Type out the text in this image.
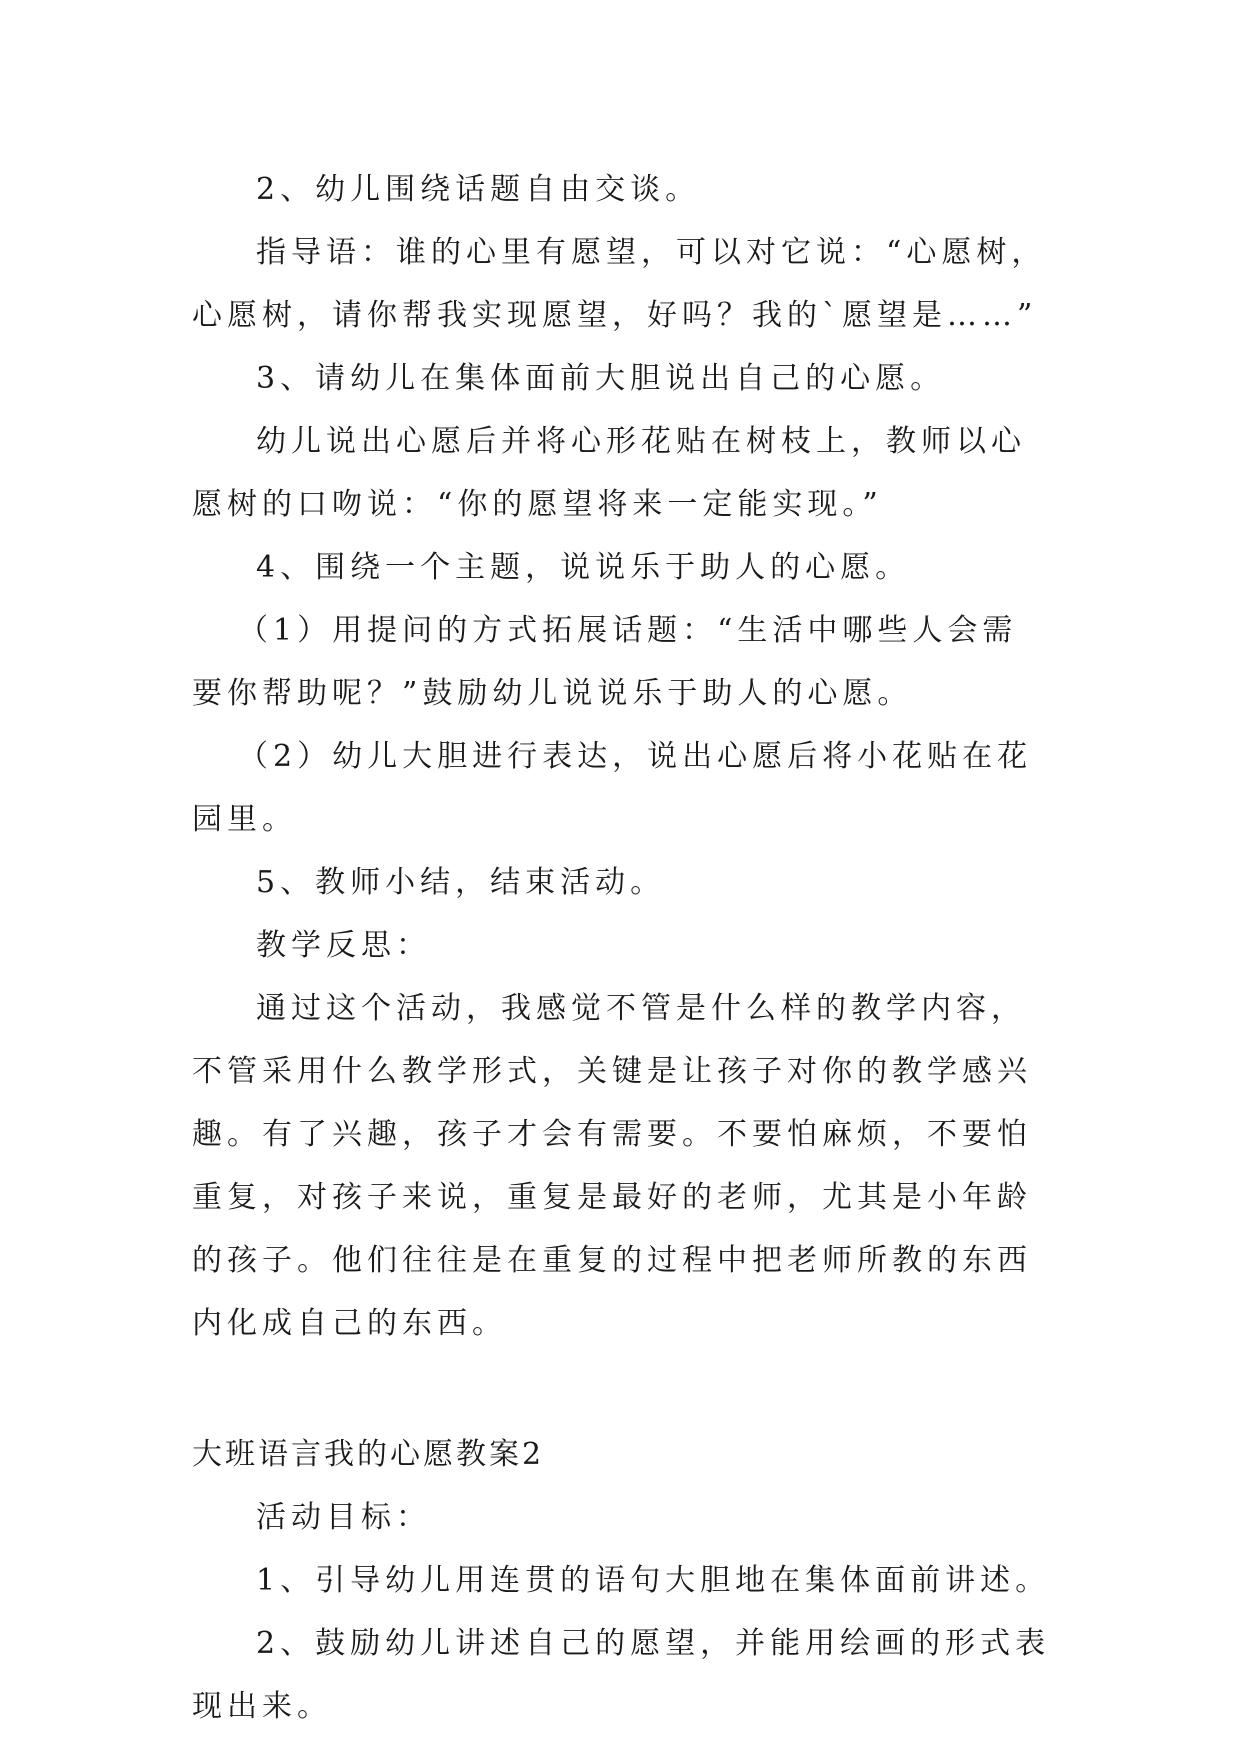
2、幼儿围绕话题自由交谈。

指导语：谁的心里有愿望，可以对它说：“心愿树，心愿树，请你帮我实现愿望，好吗？我的`愿望是……”

3、请幼儿在集体面前大胆说出自己的心愿。

幼儿说出心愿后并将心形花贴在树枝上，教师以心愿树的口吻说：“你的愿望将来一定能实现。”

4、围绕一个主题，说说乐于助人的心愿。

（1）用提问的方式拓展话题：“生活中哪些人会需要你帮助呢？”鼓励幼儿说说乐于助人的心愿。

（2）幼儿大胆进行表达，说出心愿后将小花贴在花园里。

5、教师小结，结束活动。

教学反思：

通过这个活动，我感觉不管是什么样的教学内容，不管采用什么教学形式，关键是让孩子对你的教学感兴趣。有了兴趣，孩子才会有需要。不要怕麻烦，不要怕重复，对孩子来说，重复是最好的老师，尤其是小年龄的孩子。他们往往是在重复的过程中把老师所教的东西内化成自己的东西。

大班语言我的心愿教案2

活动目标：

1、引导幼儿用连贯的语句大胆地在集体面前讲述。

2、鼓励幼儿讲述自己的愿望，并能用绘画的形式表现出来。
